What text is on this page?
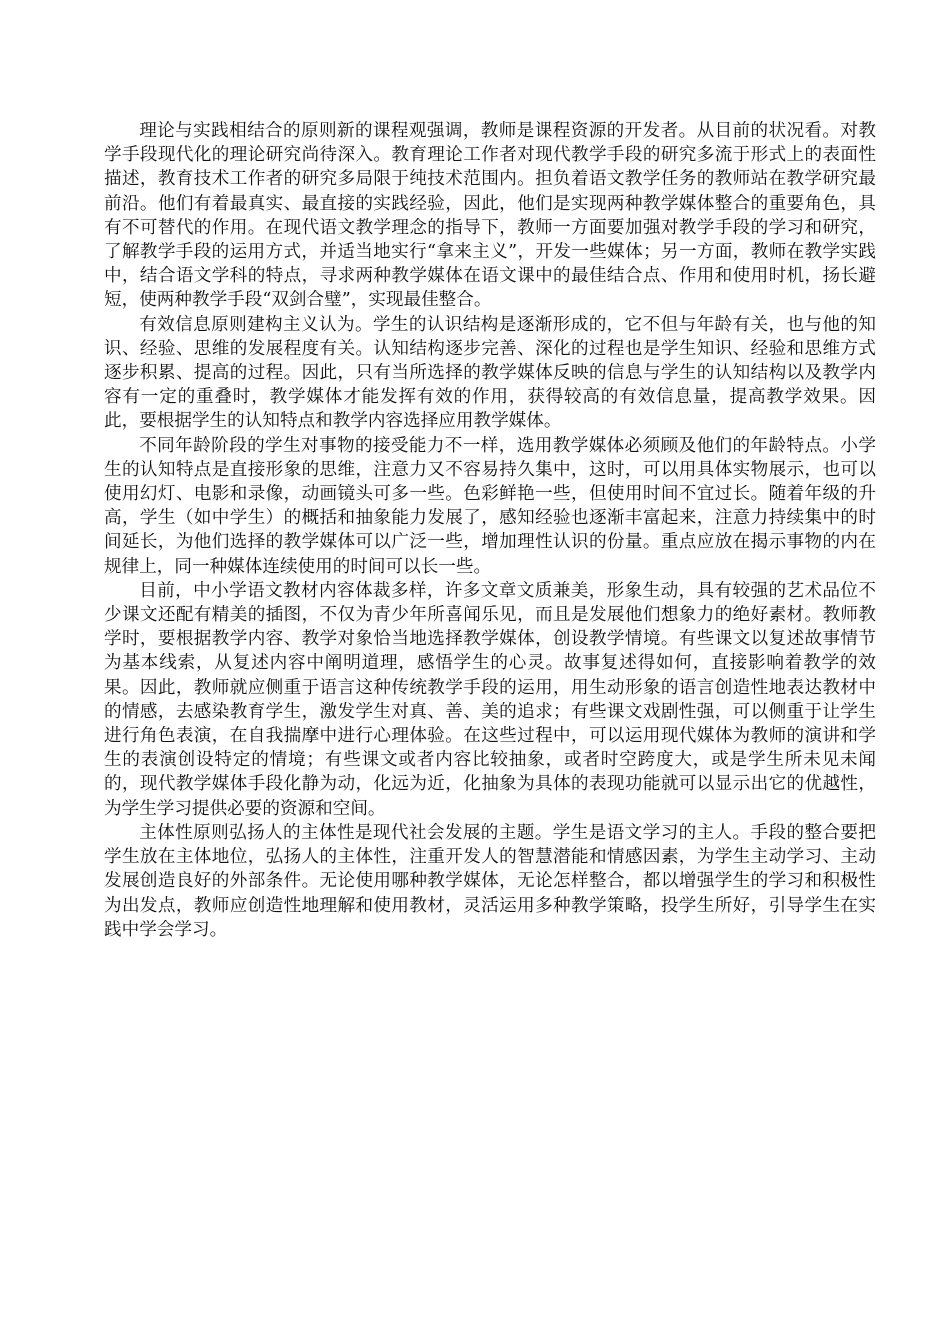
理论与实践相结合的原则新的课程观强调，教师是课程资源的开发者。从目前的状况看。对教学手段现代化的理论研究尚待深入。教育理论工作者对现代教学手段的研究多流于形式上的表面性描述，教育技术工作者的研究多局限于纯技术范围内。担负着语文教学任务的教师站在教学研究最前沿。他们有着最真实、最直接的实践经验，因此，他们是实现两种教学媒体整合的重要角色，具有不可替代的作用。在现代语文教学理念的指导下，教师一方面要加强对教学手段的学习和研究，了解教学手段的运用方式，并适当地实行“拿来主义”，开发一些媒体；另一方面，教师在教学实践中，结合语文学科的特点，寻求两种教学媒体在语文课中的最佳结合点、作用和使用时机，扬长避短，使两种教学手段“双剑合璧”，实现最佳整合。

有效信息原则建构主义认为。学生的认识结构是逐渐形成的，它不但与年龄有关，也与他的知识、经验、思维的发展程度有关。认知结构逐步完善、深化的过程也是学生知识、经验和思维方式逐步积累、提高的过程。因此，只有当所选择的教学媒体反映的信息与学生的认知结构以及教学内容有一定的重叠时，教学媒体才能发挥有效的作用，获得较高的有效信息量，提高教学效果。因此，要根据学生的认知特点和教学内容选择应用教学媒体。

不同年龄阶段的学生对事物的接受能力不一样，选用教学媒体必须顾及他们的年龄特点。小学生的认知特点是直接形象的思维，注意力又不容易持久集中，这时，可以用具体实物展示，也可以使用幻灯、电影和录像，动画镜头可多一些。色彩鲜艳一些，但使用时间不宜过长。随着年级的升高，学生（如中学生）的概括和抽象能力发展了，感知经验也逐渐丰富起来，注意力持续集中的时间延长，为他们选择的教学媒体可以广泛一些，增加理性认识的份量。重点应放在揭示事物的内在规律上，同一种媒体连续使用的时间可以长一些。

目前，中小学语文教材内容体裁多样，许多文章文质兼美，形象生动，具有较强的艺术品位不少课文还配有精美的插图，不仅为青少年所喜闻乐见，而且是发展他们想象力的绝好素材。教师教学时，要根据教学内容、教学对象恰当地选择教学媒体，创设教学情境。有些课文以复述故事情节为基本线索，从复述内容中阐明道理，感悟学生的心灵。故事复述得如何，直接影响着教学的效果。因此，教师就应侧重于语言这种传统教学手段的运用，用生动形象的语言创造性地表达教材中的情感，去感染教育学生，激发学生对真、善、美的追求；有些课文戏剧性强，可以侧重于让学生进行角色表演，在自我揣摩中进行心理体验。在这些过程中，可以运用现代媒体为教师的演讲和学生的表演创设特定的情境；有些课文或者内容比较抽象，或者时空跨度大，或是学生所未见未闻的，现代教学媒体手段化静为动，化远为近，化抽象为具体的表现功能就可以显示出它的优越性，为学生学习提供必要的资源和空间。

主体性原则弘扬人的主体性是现代社会发展的主题。学生是语文学习的主人。手段的整合要把学生放在主体地位，弘扬人的主体性，注重开发人的智慧潜能和情感因素，为学生主动学习、主动发展创造良好的外部条件。无论使用哪种教学媒体，无论怎样整合，都以增强学生的学习和积极性为出发点，教师应创造性地理解和使用教材，灵活运用多种教学策略，投学生所好，引导学生在实践中学会学习。
